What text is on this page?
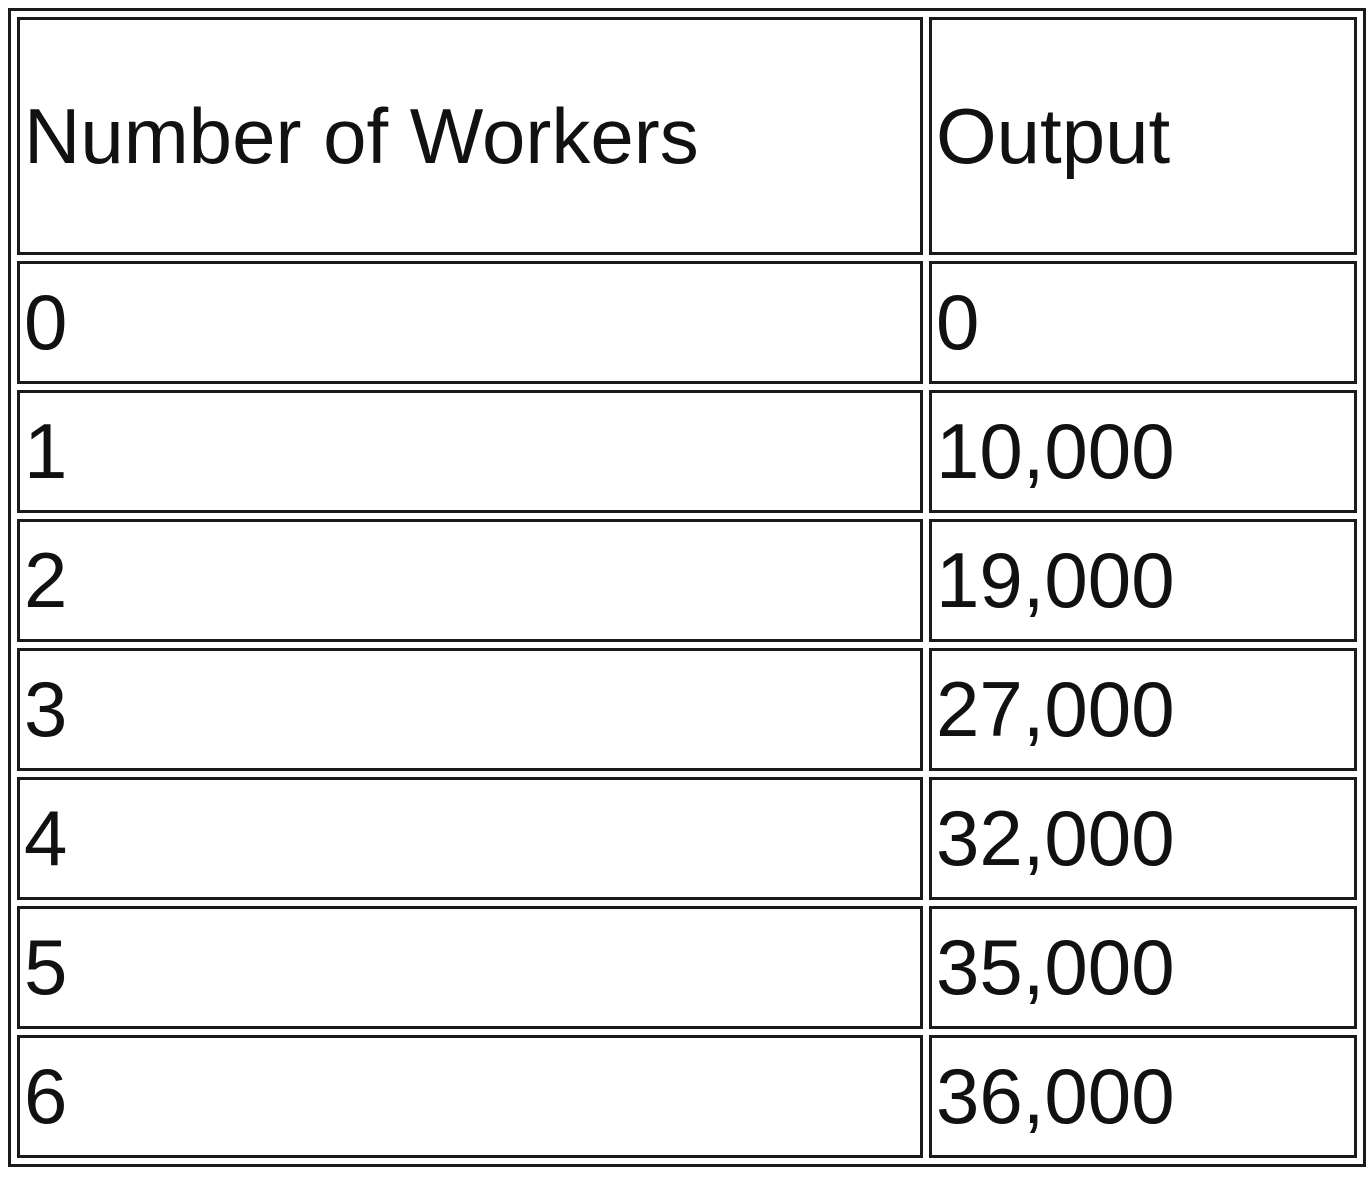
Number of Workers	Output
0	0
1	10,000
2	19,000
3	27,000
4	32,000
5	35,000
6	36,000
